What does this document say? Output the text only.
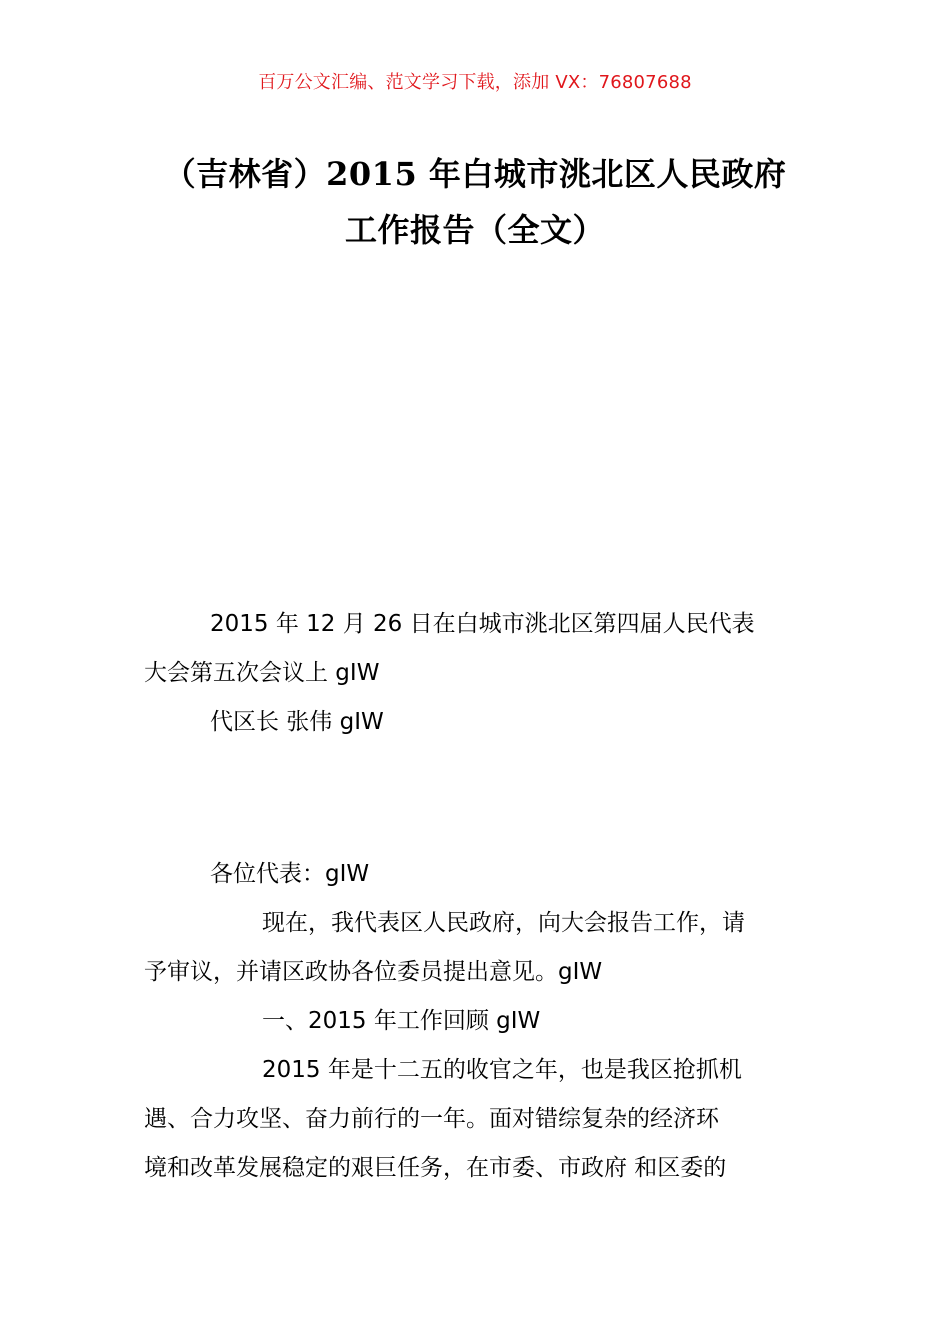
百万公文汇编、范文学习下载，添加 VX：76807688
（吉林省）2015 年白城市洮北区人民政府
工作报告（全文）

2015 年 12 月 26 日在白城市洮北区第四届人民代表

大会第五次会议上 gIW

代区长 张伟 gIW

各位代表：gIW

现在，我代表区人民政府，向大会报告工作，请

予审议，并请区政协各位委员提出意见。gIW

一、2015 年工作回顾 gIW

2015 年是十二五的收官之年，也是我区抢抓机

遇、合力攻坚、奋力前行的一年。面对错综复杂的经济环

境和改革发展稳定的艰巨任务，在市委、市政府 和区委的
